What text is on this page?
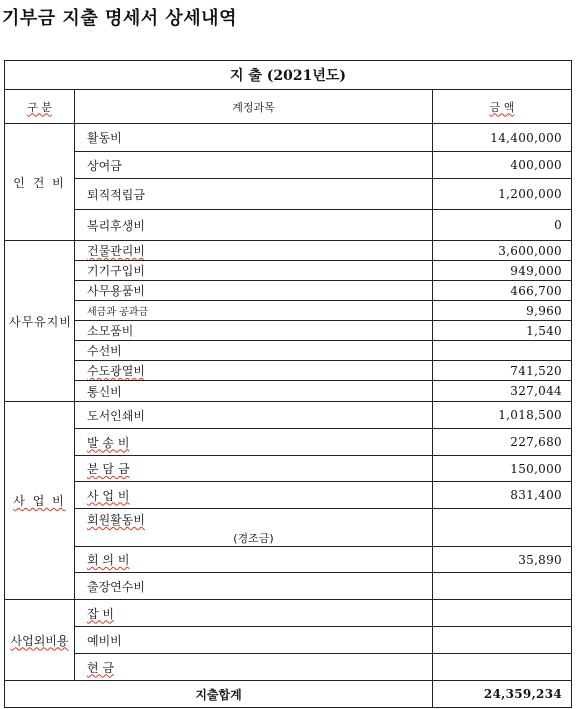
기부금 지출 명세서 상세내역
지 출 (2021년도)		
구 분	계정과목	금 액
인 건 비	활동비	14,400,000
	상여금	400,000
	퇴직적립금	1,200,000
	복리후생비	0
사무유지비	건물관리비	3,600,000
	기기구입비	949,000
	사무용품비	466,700
	세금과 공과금	9,960
	소모품비	1,540
	수선비	
	수도광열비	741,520
	통신비	327,044
사 업 비	도서인쇄비	1,018,500
	발 송 비	227,680
	분 담 금	150,000
	사 업 비	831,400
	회원활동비
(경조금)	

	회 의 비	35,890
	출장연수비	
사업외비용	잡 비	
	예비비	
	현 금	
지출합계		24,359,234
